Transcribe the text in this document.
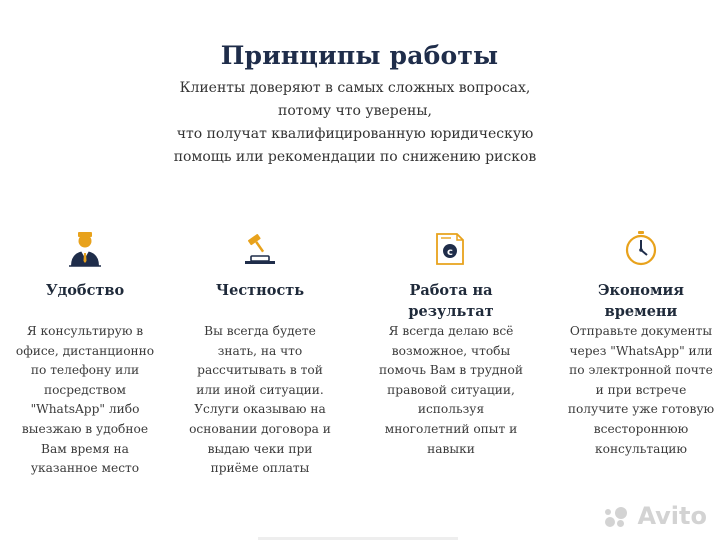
Принципы работы
Клиенты доверяют в самых сложных вопросах,
потому что уверены,
что получат квалифицированную юридическую
помощь или рекомендации по снижению рисков
Удобство
Я консультирую в
офисе, дистанционно
по телефону или
посредством
"WhatsApp" либо
выезжаю в удобное
Вам время на
указанное место
Честность
Вы всегда будете
знать, на что
рассчитывать в той
или иной ситуации.
Услуги оказываю на
основании договора и
выдаю чеки при
приёме оплаты
c
Работа на
результат
Я всегда делаю всё
возможное, чтобы
помочь Вам в трудной
правовой ситуации,
используя
многолетний опыт и
навыки
Экономия
времени
Отправьте документы
через "WhatsApp" или
по электронной почте
и при встрече
получите уже готовую
всестороннюю
консультацию
Avito
